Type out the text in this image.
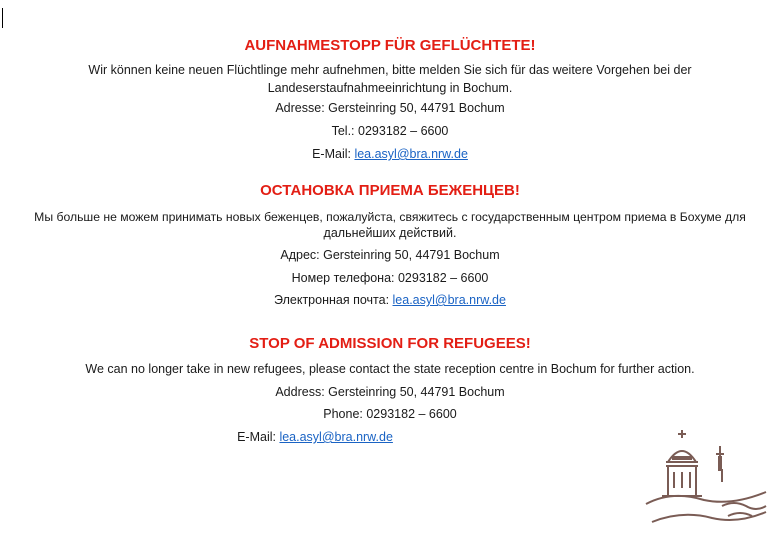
AUFNAHMESTOPP FÜR GEFLÜCHTETE!
Wir können keine neuen Flüchtlinge mehr aufnehmen, bitte melden Sie sich für das weitere Vorgehen bei der
Landeserstaufnahmeeinrichtung in Bochum.
Adresse: Gersteinring 50, 44791 Bochum
Tel.: 0293182 – 6600
E-Mail: lea.asyl@bra.nrw.de
ОСТАНОВКА ПРИЕМА БЕЖЕНЦЕВ!
Мы больше не можем принимать новых беженцев, пожалуйста, свяжитесь с государственным центром приема в Бохуме для
дальнейших действий.
Адрес: Gersteinring 50, 44791 Bochum
Номер телефона: 0293182 – 6600
Электронная почта: lea.asyl@bra.nrw.de
STOP OF ADMISSION FOR REFUGEES!
We can no longer take in new refugees, please contact the state reception centre in Bochum for further action.
Address: Gersteinring 50, 44791 Bochum
Phone: 0293182 – 6600
E-Mail: lea.asyl@bra.nrw.de
